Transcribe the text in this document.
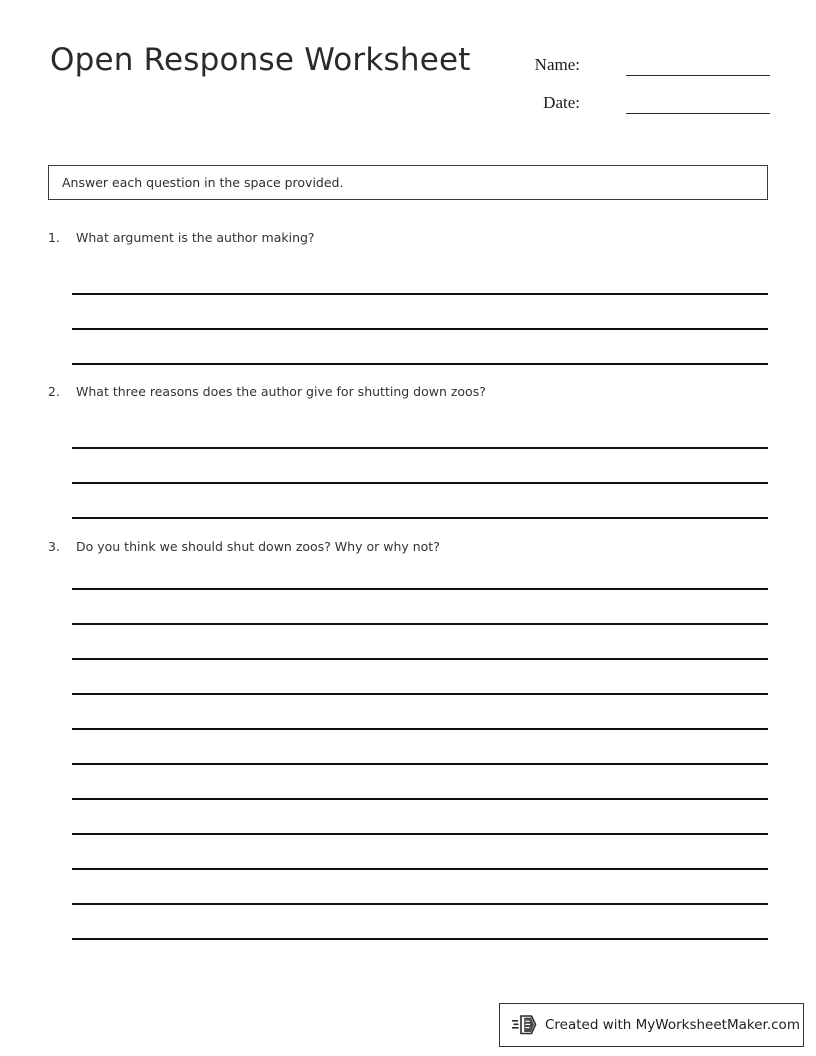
Open Response Worksheet	Name:
Date:
Answer each question in the space provided.
1. What argument is the author making?
2. What three reasons does the author give for shutting down zoos?
3. Do you think we should shut down zoos? Why or why not?
Created with MyWorksheetMaker.com
